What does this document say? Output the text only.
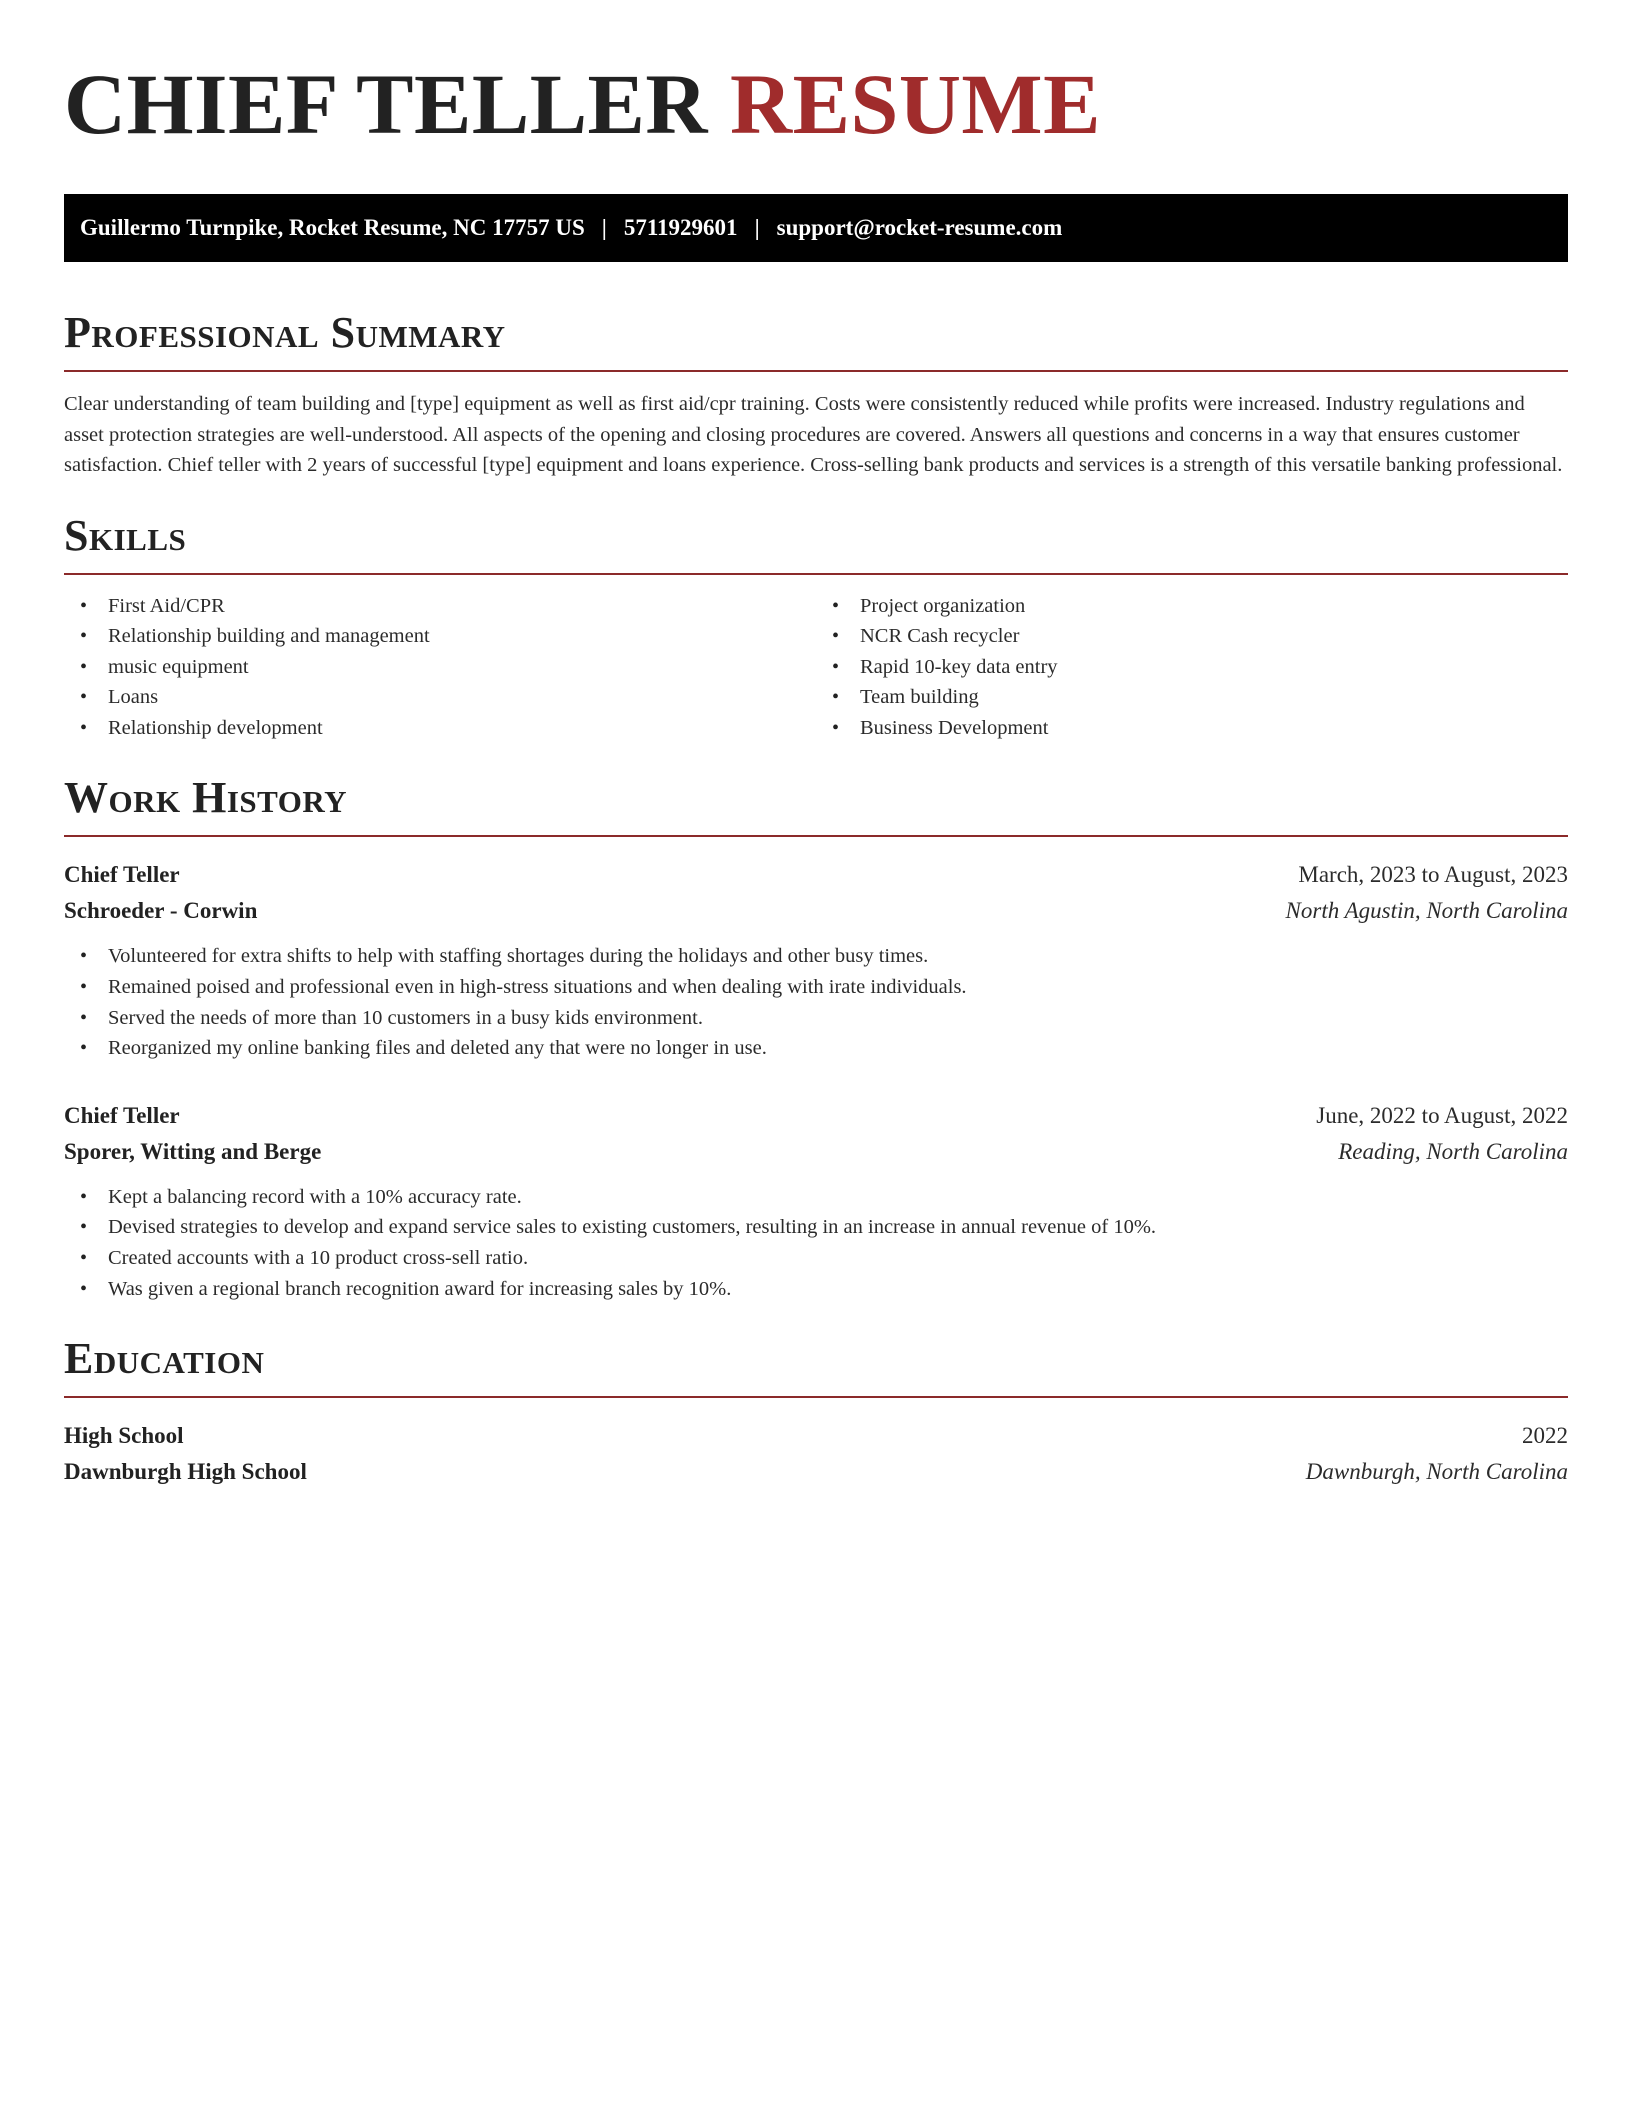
CHIEF TELLER RESUME
Guillermo Turnpike, Rocket Resume, NC 17757 US | 5711929601 | support@rocket-resume.com
Professional Summary

Clear understanding of team building and [type] equipment as well as first aid/cpr training. Costs were consistently reduced while profits were increased. Industry regulations and asset protection strategies are well-understood. All aspects of the opening and closing procedures are covered. Answers all questions and concerns in a way that ensures customer satisfaction. Chief teller with 2 years of successful [type] equipment and loans experience. Cross-selling bank products and services is a strength of this versatile banking professional.

Skills
• First Aid/CPR
• Relationship building and management
• music equipment
• Loans
• Relationship development
• Project organization
• NCR Cash recycler
• Rapid 10-key data entry
• Team building
• Business Development
Work History
Chief Teller	March, 2023 to August, 2023
Schroeder - Corwin	North Agustin, North Carolina
• Volunteered for extra shifts to help with staffing shortages during the holidays and other busy times.
• Remained poised and professional even in high-stress situations and when dealing with irate individuals.
• Served the needs of more than 10 customers in a busy kids environment.
• Reorganized my online banking files and deleted any that were no longer in use.
Chief Teller	June, 2022 to August, 2022
Sporer, Witting and Berge	Reading, North Carolina
• Kept a balancing record with a 10% accuracy rate.
• Devised strategies to develop and expand service sales to existing customers, resulting in an increase in annual revenue of 10%.
• Created accounts with a 10 product cross-sell ratio.
• Was given a regional branch recognition award for increasing sales by 10%.
Education
High School	2022
Dawnburgh High School	Dawnburgh, North Carolina
